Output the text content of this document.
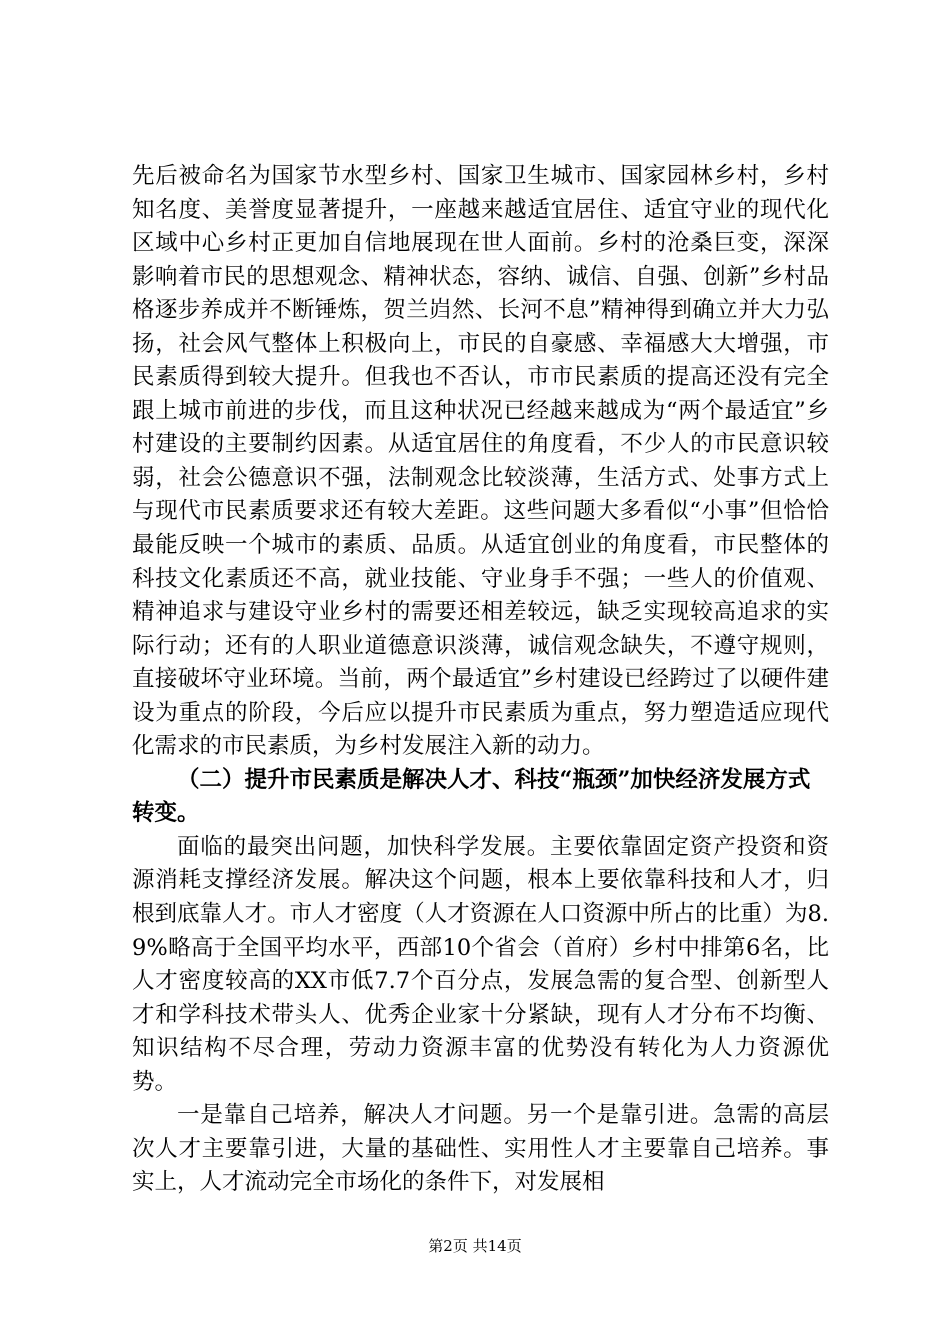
先后被命名为国家节水型乡村、国家卫生城市、国家园林乡村，乡村知名度、美誉度显著提升，一座越来越适宜居住、适宜守业的现代化区域中心乡村正更加自信地展现在世人面前。乡村的沧桑巨变，深深影响着市民的思想观念、精神状态，容纳、诚信、自强、创新”乡村品格逐步养成并不断锤炼，贺兰岿然、长河不息”精神得到确立并大力弘扬，社会风气整体上积极向上，市民的自豪感、幸福感大大增强，市民素质得到较大提升。但我也不否认，市市民素质的提高还没有完全跟上城市前进的步伐，而且这种状况已经越来越成为“两个最适宜”乡村建设的主要制约因素。从适宜居住的角度看，不少人的市民意识较弱，社会公德意识不强，法制观念比较淡薄，生活方式、处事方式上与现代市民素质要求还有较大差距。这些问题大多看似“小事”但恰恰最能反映一个城市的素质、品质。从适宜创业的角度看，市民整体的科技文化素质还不高，就业技能、守业身手不强；一些人的价值观、精神追求与建设守业乡村的需要还相差较远，缺乏实现较高追求的实际行动；还有的人职业道德意识淡薄，诚信观念缺失，不遵守规则，直接破坏守业环境。当前，两个最适宜”乡村建设已经跨过了以硬件建设为重点的阶段，今后应以提升市民素质为重点，努力塑造适应现代化需求的市民素质，为乡村发展注入新的动力。

（二）提升市民素质是解决人才、科技“瓶颈”加快经济发展方式转变。

面临的最突出问题，加快科学发展。主要依靠固定资产投资和资源消耗支撑经济发展。解决这个问题，根本上要依靠科技和人才，归根到底靠人才。市人才密度（人才资源在人口资源中所占的比重）为8.9%略高于全国平均水平，西部10个省会（首府）乡村中排第6名，比人才密度较高的XX市低7.7个百分点，发展急需的复合型、创新型人才和学科技术带头人、优秀企业家十分紧缺，现有人才分布不均衡、知识结构不尽合理，劳动力资源丰富的优势没有转化为人力资源优势。

一是靠自己培养，解决人才问题。另一个是靠引进。急需的高层次人才主要靠引进，大量的基础性、实用性人才主要靠自己培养。事实上，人才流动完全市场化的条件下，对发展相

第2页 共14页
